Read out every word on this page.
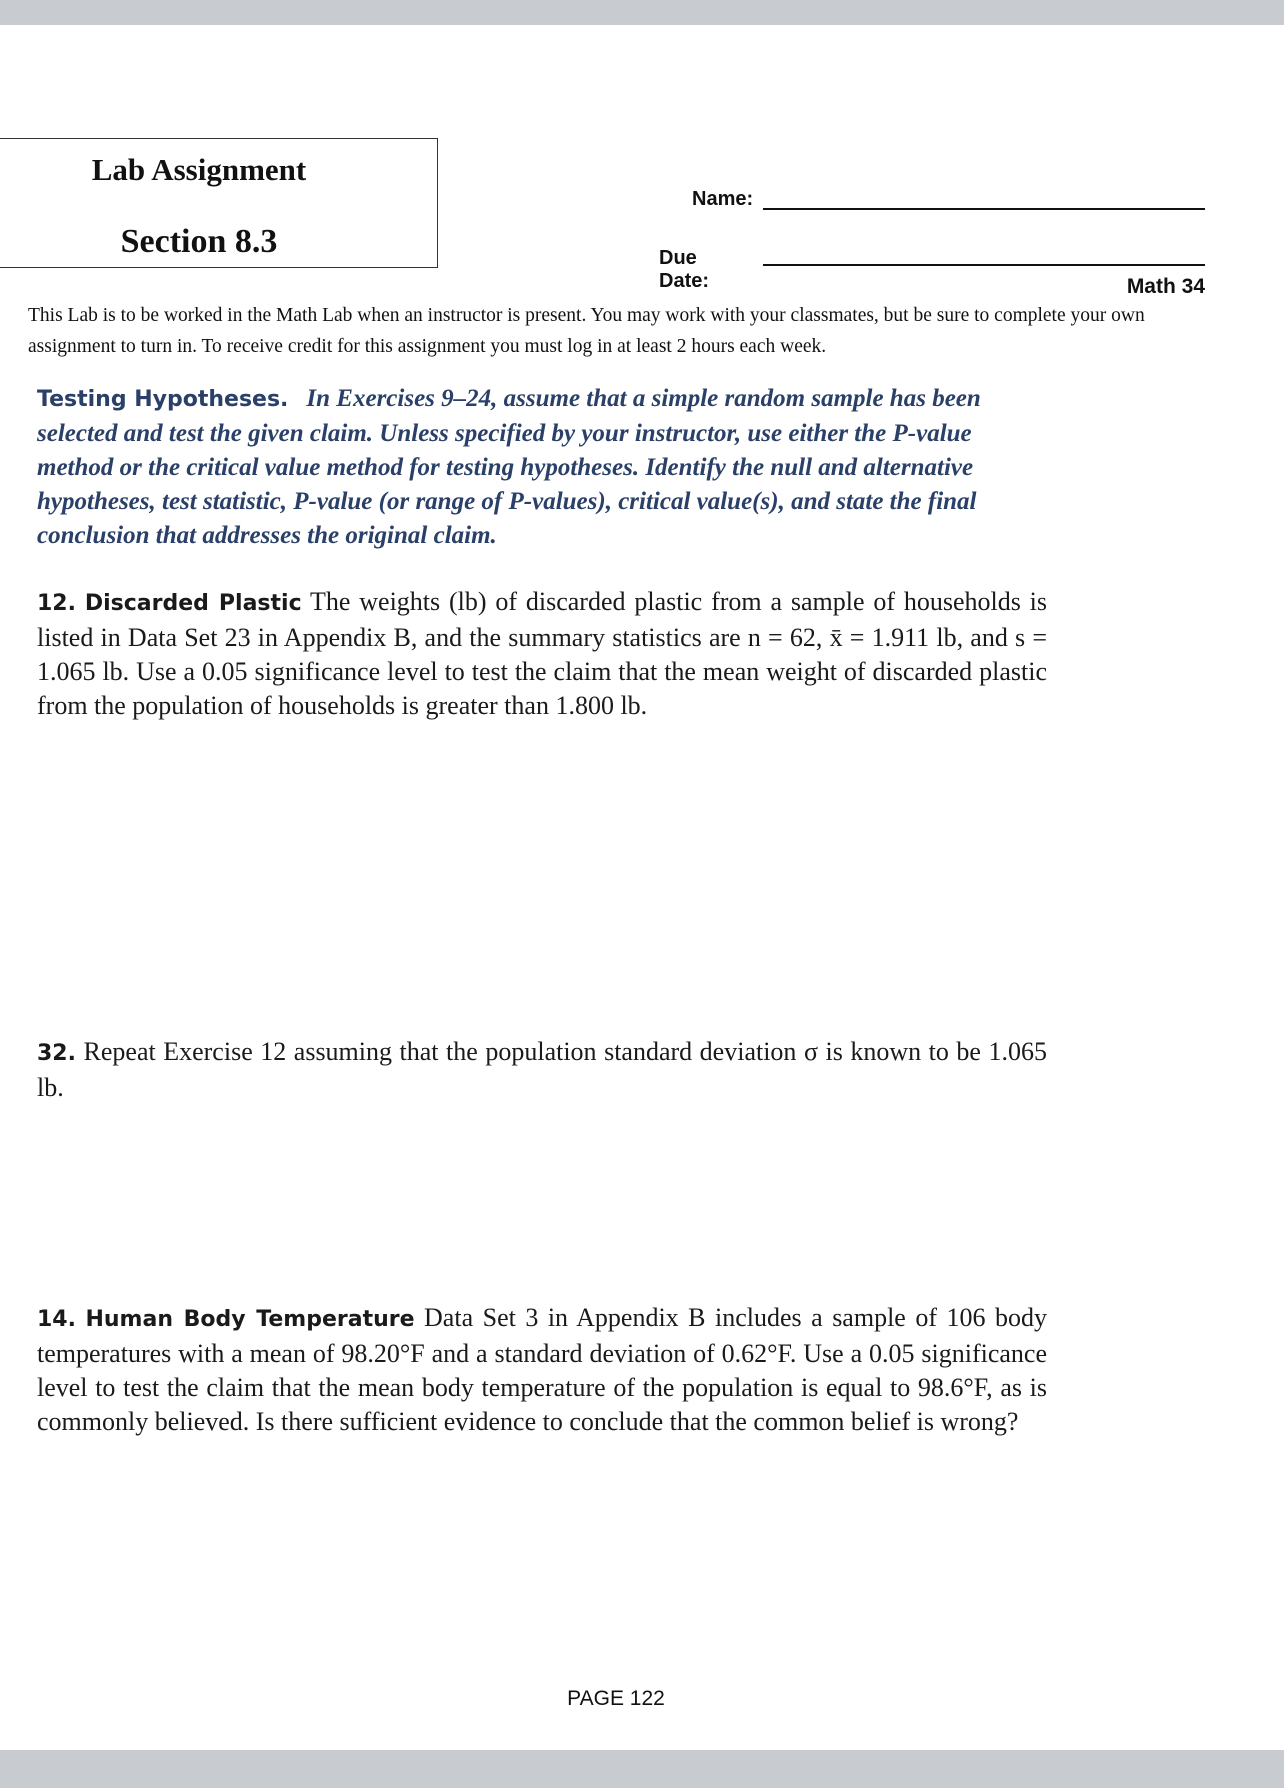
Lab Assignment
Section 8.3
Name:
Due Date:	Math 34
This Lab is to be worked in the Math Lab when an instructor is present. You may work with your classmates, but be sure to complete your own assignment to turn in. To receive credit for this assignment you must log in at least 2 hours each week.
Testing Hypotheses. In Exercises 9–24, assume that a simple random sample has been selected and test the given claim. Unless specified by your instructor, use either the P-value method or the critical value method for testing hypotheses. Identify the null and alternative hypotheses, test statistic, P-value (or range of P-values), critical value(s), and state the final conclusion that addresses the original claim.
12. Discarded Plastic The weights (lb) of discarded plastic from a sample of households is listed in Data Set 23 in Appendix B, and the summary statistics are n = 62, x̄ = 1.911 lb, and s = 1.065 lb. Use a 0.05 significance level to test the claim that the mean weight of discarded plastic from the population of households is greater than 1.800 lb.
32. Repeat Exercise 12 assuming that the population standard deviation σ is known to be 1.065 lb.
14. Human Body Temperature Data Set 3 in Appendix B includes a sample of 106 body temperatures with a mean of 98.20°F and a standard deviation of 0.62°F. Use a 0.05 significance level to test the claim that the mean body temperature of the population is equal to 98.6°F, as is commonly believed. Is there sufficient evidence to conclude that the common belief is wrong?
PAGE 122
